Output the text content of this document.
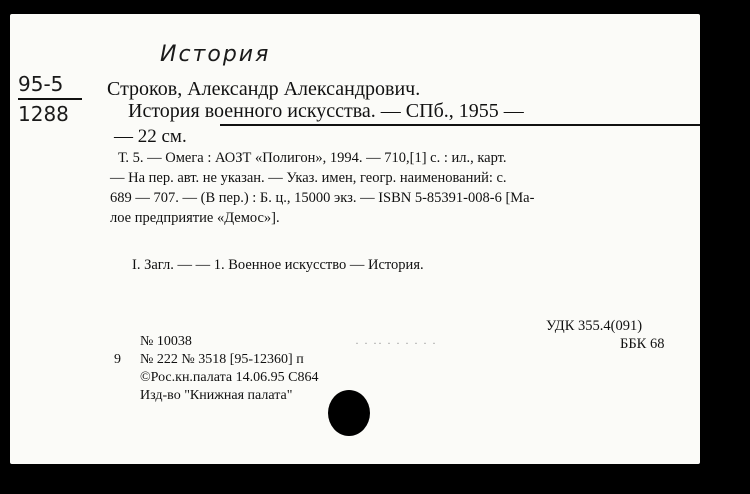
История
95-5
1288
Строков, Александр Александрович.
История военного искусства. — СПб., 1955 —
— 22 см.
Т. 5. — Омега : АОЗТ «Полигон», 1994. — 710,[1] с. : ил., карт.
— На пер. авт. не указан. — Указ. имен, геогр. наименований: с.
689 — 707. — (В пер.) : Б. ц., 15000 экз. — ISBN 5-85391-008-6 [Ма-
лое предприятие «Демос»].
I. Загл. — — 1. Военное искусство — История.
№ 10038	· · ·· · · · · · ·
УДК 355.4(091)
9 № 222 № 3518 [95-12360] п
ББК 68
©Рос.кн.палата 14.06.95 С864
Изд-во "Книжная палата"
